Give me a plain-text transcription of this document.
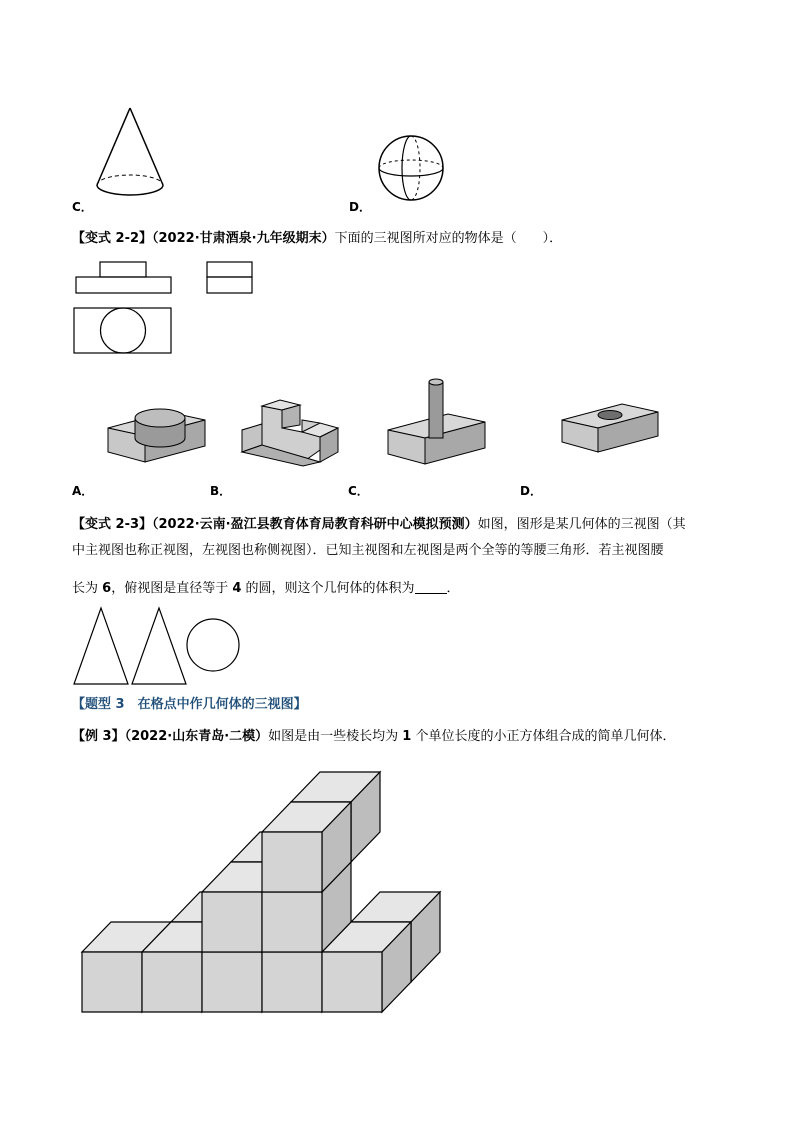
C．	D．
【变式 2-2】（2022·甘肃酒泉·九年级期末）下面的三视图所对应的物体是（　　）．
A．	B．	C．	D．
【变式 2-3】（2022·云南·盈江县教育体育局教育科研中心模拟预测）如图，图形是某几何体的三视图（其
中主视图也称正视图，左视图也称侧视图）．已知主视图和左视图是两个全等的等腰三角形．若主视图腰
长为 6，俯视图是直径等于 4 的圆，则这个几何体的体积为 ．
【题型 3　在格点中作几何体的三视图】
【例 3】（2022·山东青岛·二模）如图是由一些棱长均为 1 个单位长度的小正方体组合成的简单几何体．
